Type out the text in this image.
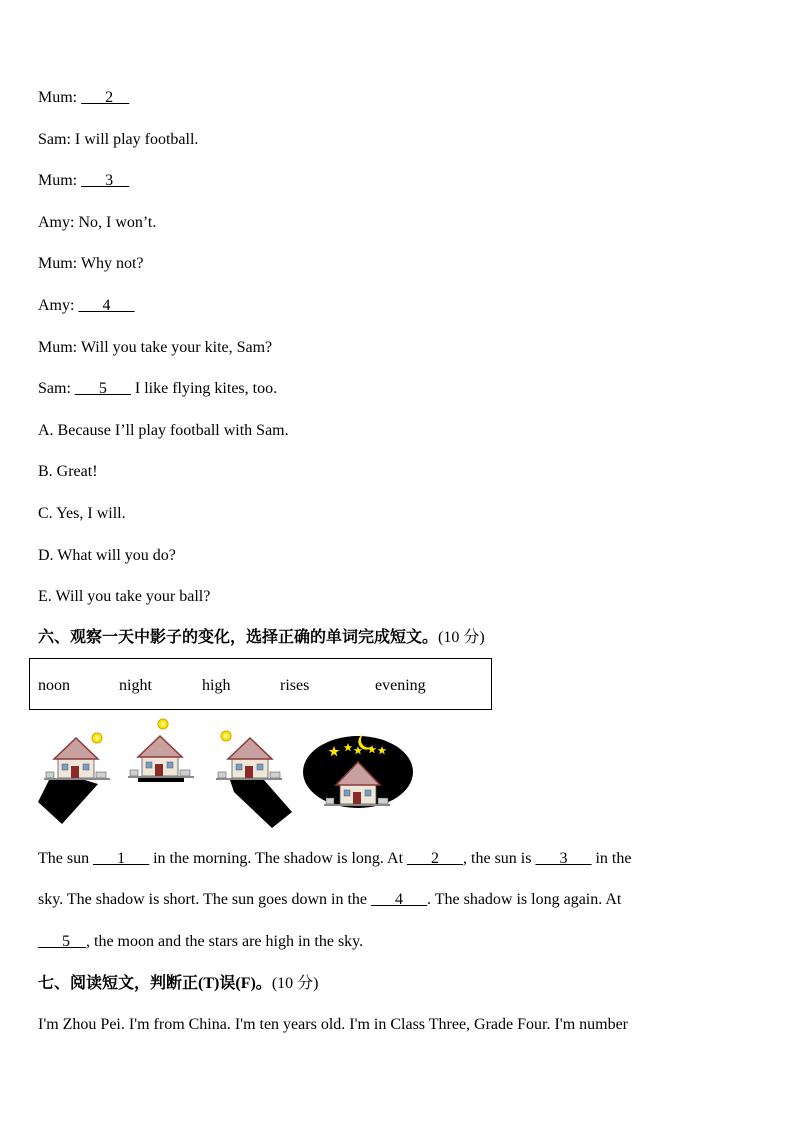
Mum: ___2__
Sam: I will play football.
Mum: ___3__
Amy: No, I won’t.
Mum: Why not?
Amy: ___4___
Mum: Will you take your kite, Sam?
Sam: ___5___ I like flying kites, too.
A. Because I’ll play football with Sam.
B. Great!
C. Yes, I will.
D. What will you do?
E. Will you take your ball?
六、观察一天中影子的变化，选择正确的单词完成短文。(10 分)
noon	night	high	rises	evening
The sun ___1___ in the morning. The shadow is long. At ___2___, the sun is ___3___ in the
sky. The shadow is short. The sun goes down in the ___4___. The shadow is long again. At
___5__, the moon and the stars are high in the sky.
七、阅读短文，判断正(T)误(F)。(10 分)
I'm Zhou Pei. I'm from China. I'm ten years old. I'm in Class Three, Grade Four. I'm number
